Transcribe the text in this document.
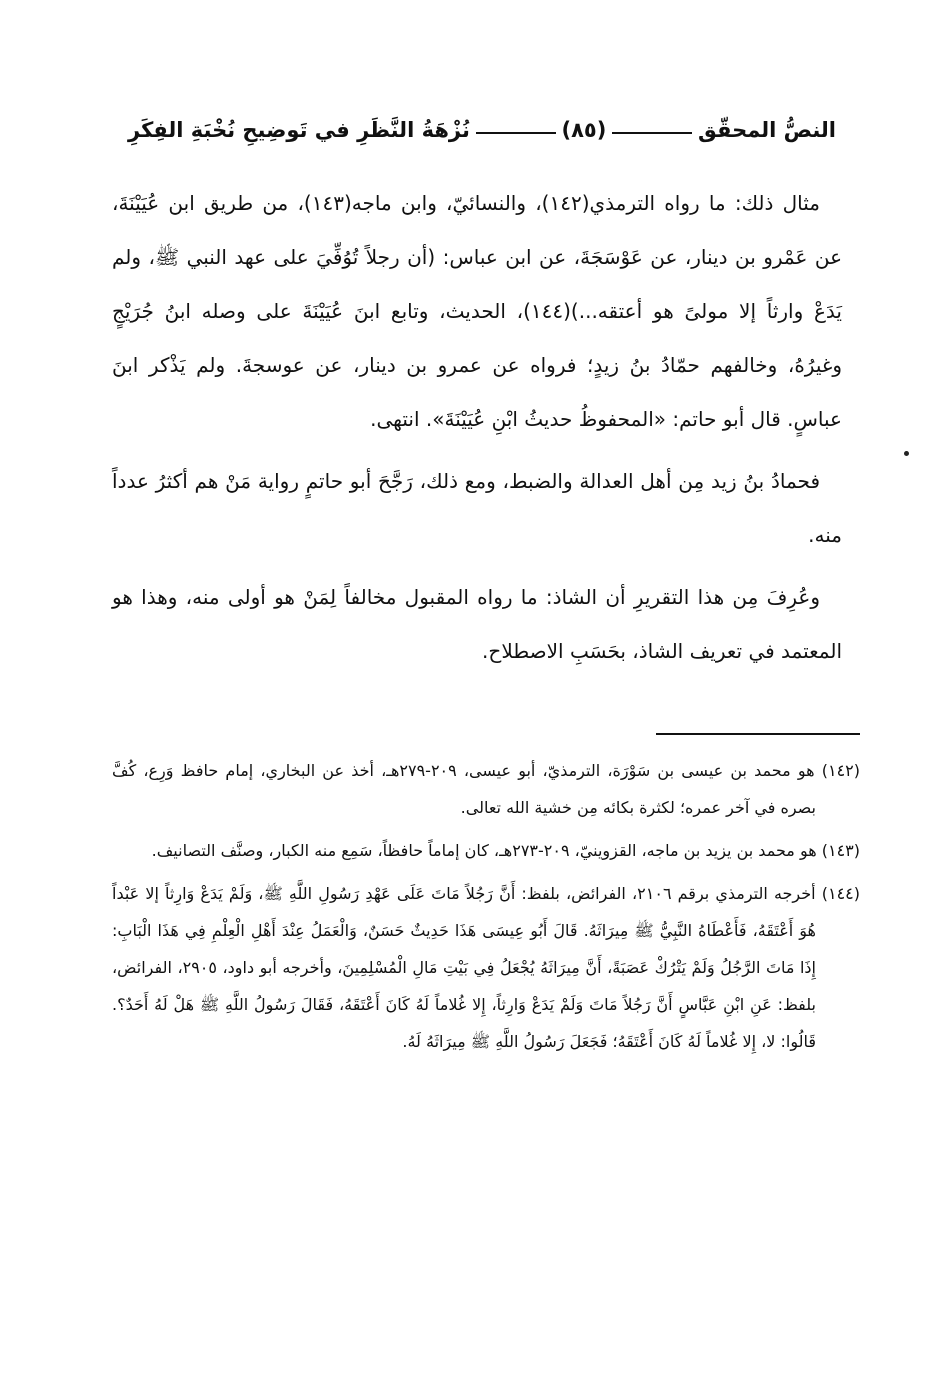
النصُّ المحقّق
(٨٥)
نُزْهَةُ النَّظَرِ في تَوضِيحِ نُخْبَةِ الفِكَرِ

مثال ذلك: ما رواه الترمذي(١٤٢)، والنسائيّ، وابن ماجه(١٤٣)، من طريق ابن عُيَيْنَةَ، عن عَمْرو بن دينار، عن عَوْسَجَةَ، عن ابن عباس: (أن رجلاً تُوُفِّيَ على عهد النبي ﷺ، ولم يَدَعْ وارثاً إلا مولىً هو أعتقه...)(١٤٤)، الحديث، وتابع ابنَ عُيَيْنَةَ على وصله ابنُ جُرَيْجٍ وغيرُهُ، وخالفهم حمّادُ بنُ زيدٍ؛ فرواه عن عمرو بن دينار، عن عوسجةَ. ولم يَذْكر ابنَ عباسٍ. قال أبو حاتم: «المحفوظُ حديثُ ابْنِ عُيَيْنَةَ». انتهى.

فحمادُ بنُ زيد مِن أهل العدالة والضبط، ومع ذلك، رَجَّحَ أبو حاتمٍ رواية مَنْ هم أكثرُ عدداً منه.

وعُرِفَ مِن هذا التقريرِ أن الشاذ: ما رواه المقبول مخالفاً لِمَنْ هو أولى منه، وهذا هو المعتمد في تعريف الشاذ، بحَسَبِ الاصطلاح.

(١٤٢) هو محمد بن عيسى بن سَوْرَة، الترمذيّ، أبو عيسى، ٢٠٩-٢٧٩هـ، أخذ عن البخاري، إمام حافظ وَرِع، كُفَّ بصره في آخر عمره؛ لكثرة بكائه مِن خشية الله تعالى.

(١٤٣) هو محمد بن يزيد بن ماجه، القزوينيّ، ٢٠٩-٢٧٣هـ، كان إماماً حافظاً، سَمِع منه الكبار، وصنَّف التصانيف.

(١٤٤) أخرجه الترمذي برقم ٢١٠٦، الفرائض، بلفظ: أَنَّ رَجُلاً مَاتَ عَلَى عَهْدِ رَسُولِ اللَّهِ ﷺ، وَلَمْ يَدَعْ وَارِثاً إلا عَبْداً هُوَ أَعْتَقَهُ، فَأَعْطَاهُ النَّبِيُّ ﷺ مِيرَاثَهُ. قَالَ أَبُو عِيسَى هَذَا حَدِيثٌ حَسَنٌ، وَالْعَمَلُ عِنْدَ أَهْلِ الْعِلْمِ فِي هَذَا الْبَابِ: إِذَا مَاتَ الرَّجُلُ وَلَمْ يَتْرُكْ عَصَبَةً، أَنَّ مِيرَاثَهُ يُجْعَلُ فِي بَيْتِ مَالِ الْمُسْلِمِينَ، وأخرجه أبو داود، ٢٩٠٥، الفرائض، بلفظ: عَنِ ابْنِ عَبَّاسٍ أَنَّ رَجُلاً مَاتَ وَلَمْ يَدَعْ وَارِثاً، إِلا غُلاماً لَهُ كَانَ أَعْتَقَهُ، فَقَالَ رَسُولُ اللَّهِ ﷺ هَلْ لَهُ أَحَدٌ؟. قَالُوا: لا، إِلا غُلاماً لَهُ كَانَ أَعْتَقَهُ؛ فَجَعَلَ رَسُولُ اللَّهِ ﷺ مِيرَاثَهُ لَهُ.
